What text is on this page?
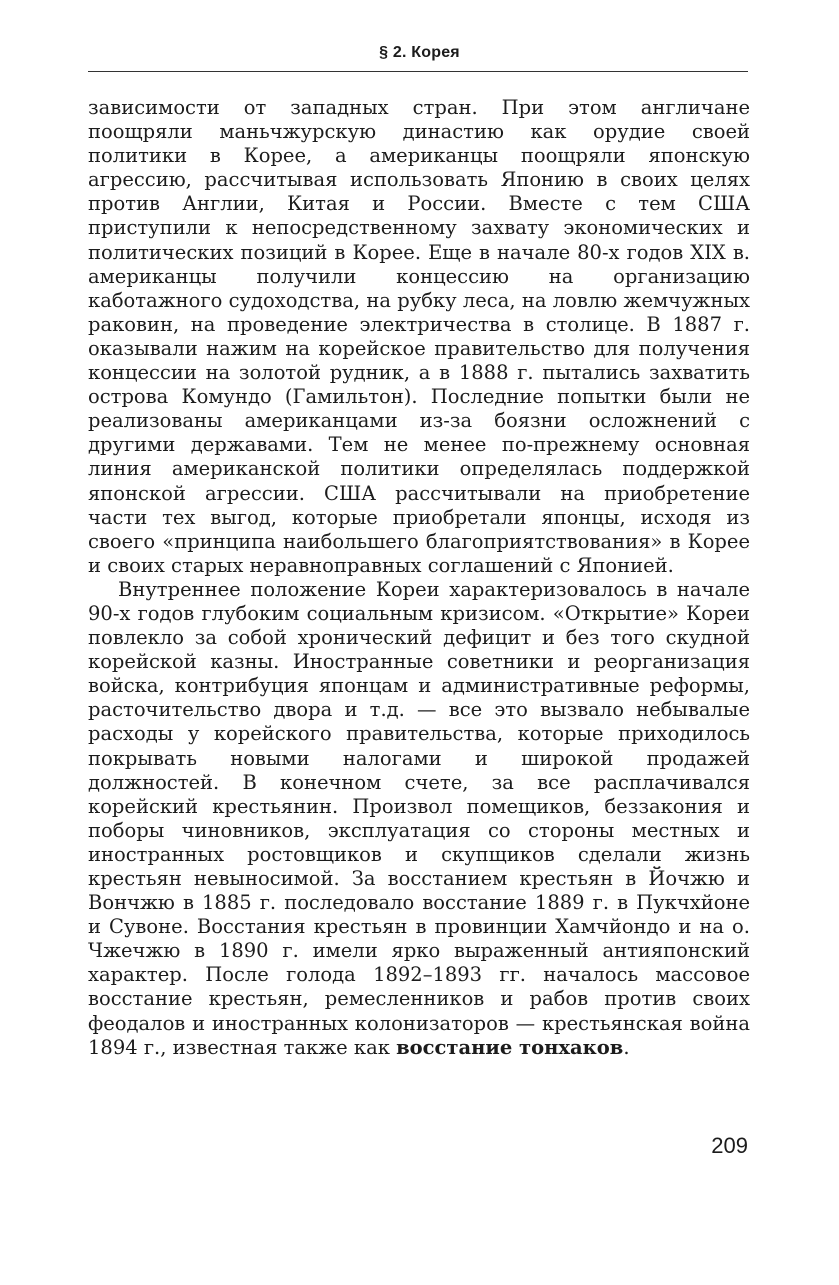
§ 2. Корея

зависимости от западных стран. При этом англичане поощряли маньчжурскую династию как орудие своей политики в Корее, а американцы поощряли японскую агрессию, рассчитывая использовать Японию в своих целях против Англии, Китая и России. Вместе с тем США приступили к непосредственному захвату экономических и политических позиций в Корее. Еще в начале 80-х годов XIX в. американцы получили концессию на организацию каботажного судоходства, на рубку леса, на ловлю жемчужных раковин, на проведение электричества в столице. В 1887 г. оказывали нажим на корейское правительство для получения концессии на золотой рудник, а в 1888 г. пытались захватить острова Комундо (Гамильтон). Последние попытки были не реализованы американцами из-за боязни осложнений с другими державами. Тем не менее по-прежнему основная линия американской политики определялась поддержкой японской агрессии. США рассчитывали на приобретение части тех выгод, которые приобретали японцы, исходя из своего «принципа наибольшего благоприятствования» в Корее и своих старых неравноправных соглашений с Японией.

Внутреннее положение Кореи характеризовалось в начале 90-х годов глубоким социальным кризисом. «Открытие» Кореи повлекло за собой хронический дефицит и без того скудной корейской казны. Иностранные советники и реорганизация войска, контрибуция японцам и административные реформы, расточительство двора и т.д. — все это вызвало небывалые расходы у корейского правительства, которые приходилось покрывать новыми налогами и широкой продажей должностей. В конечном счете, за все расплачивался корейский крестьянин. Произвол помещиков, беззакония и поборы чиновников, эксплуатация со стороны местных и иностранных ростовщиков и скупщиков сделали жизнь крестьян невыносимой. За восстанием крестьян в Йочжю и Вончжю в 1885 г. последовало восстание 1889 г. в Пукчхйоне и Сувоне. Восстания крестьян в провинции Хамчйондо и на о. Чжечжю в 1890 г. имели ярко выраженный антияпонский характер. После голода 1892–1893 гг. началось массовое восстание крестьян, ремесленников и рабов против своих феодалов и иностранных колонизаторов — крестьянская война 1894 г., известная также как восстание тонхаков.

209
